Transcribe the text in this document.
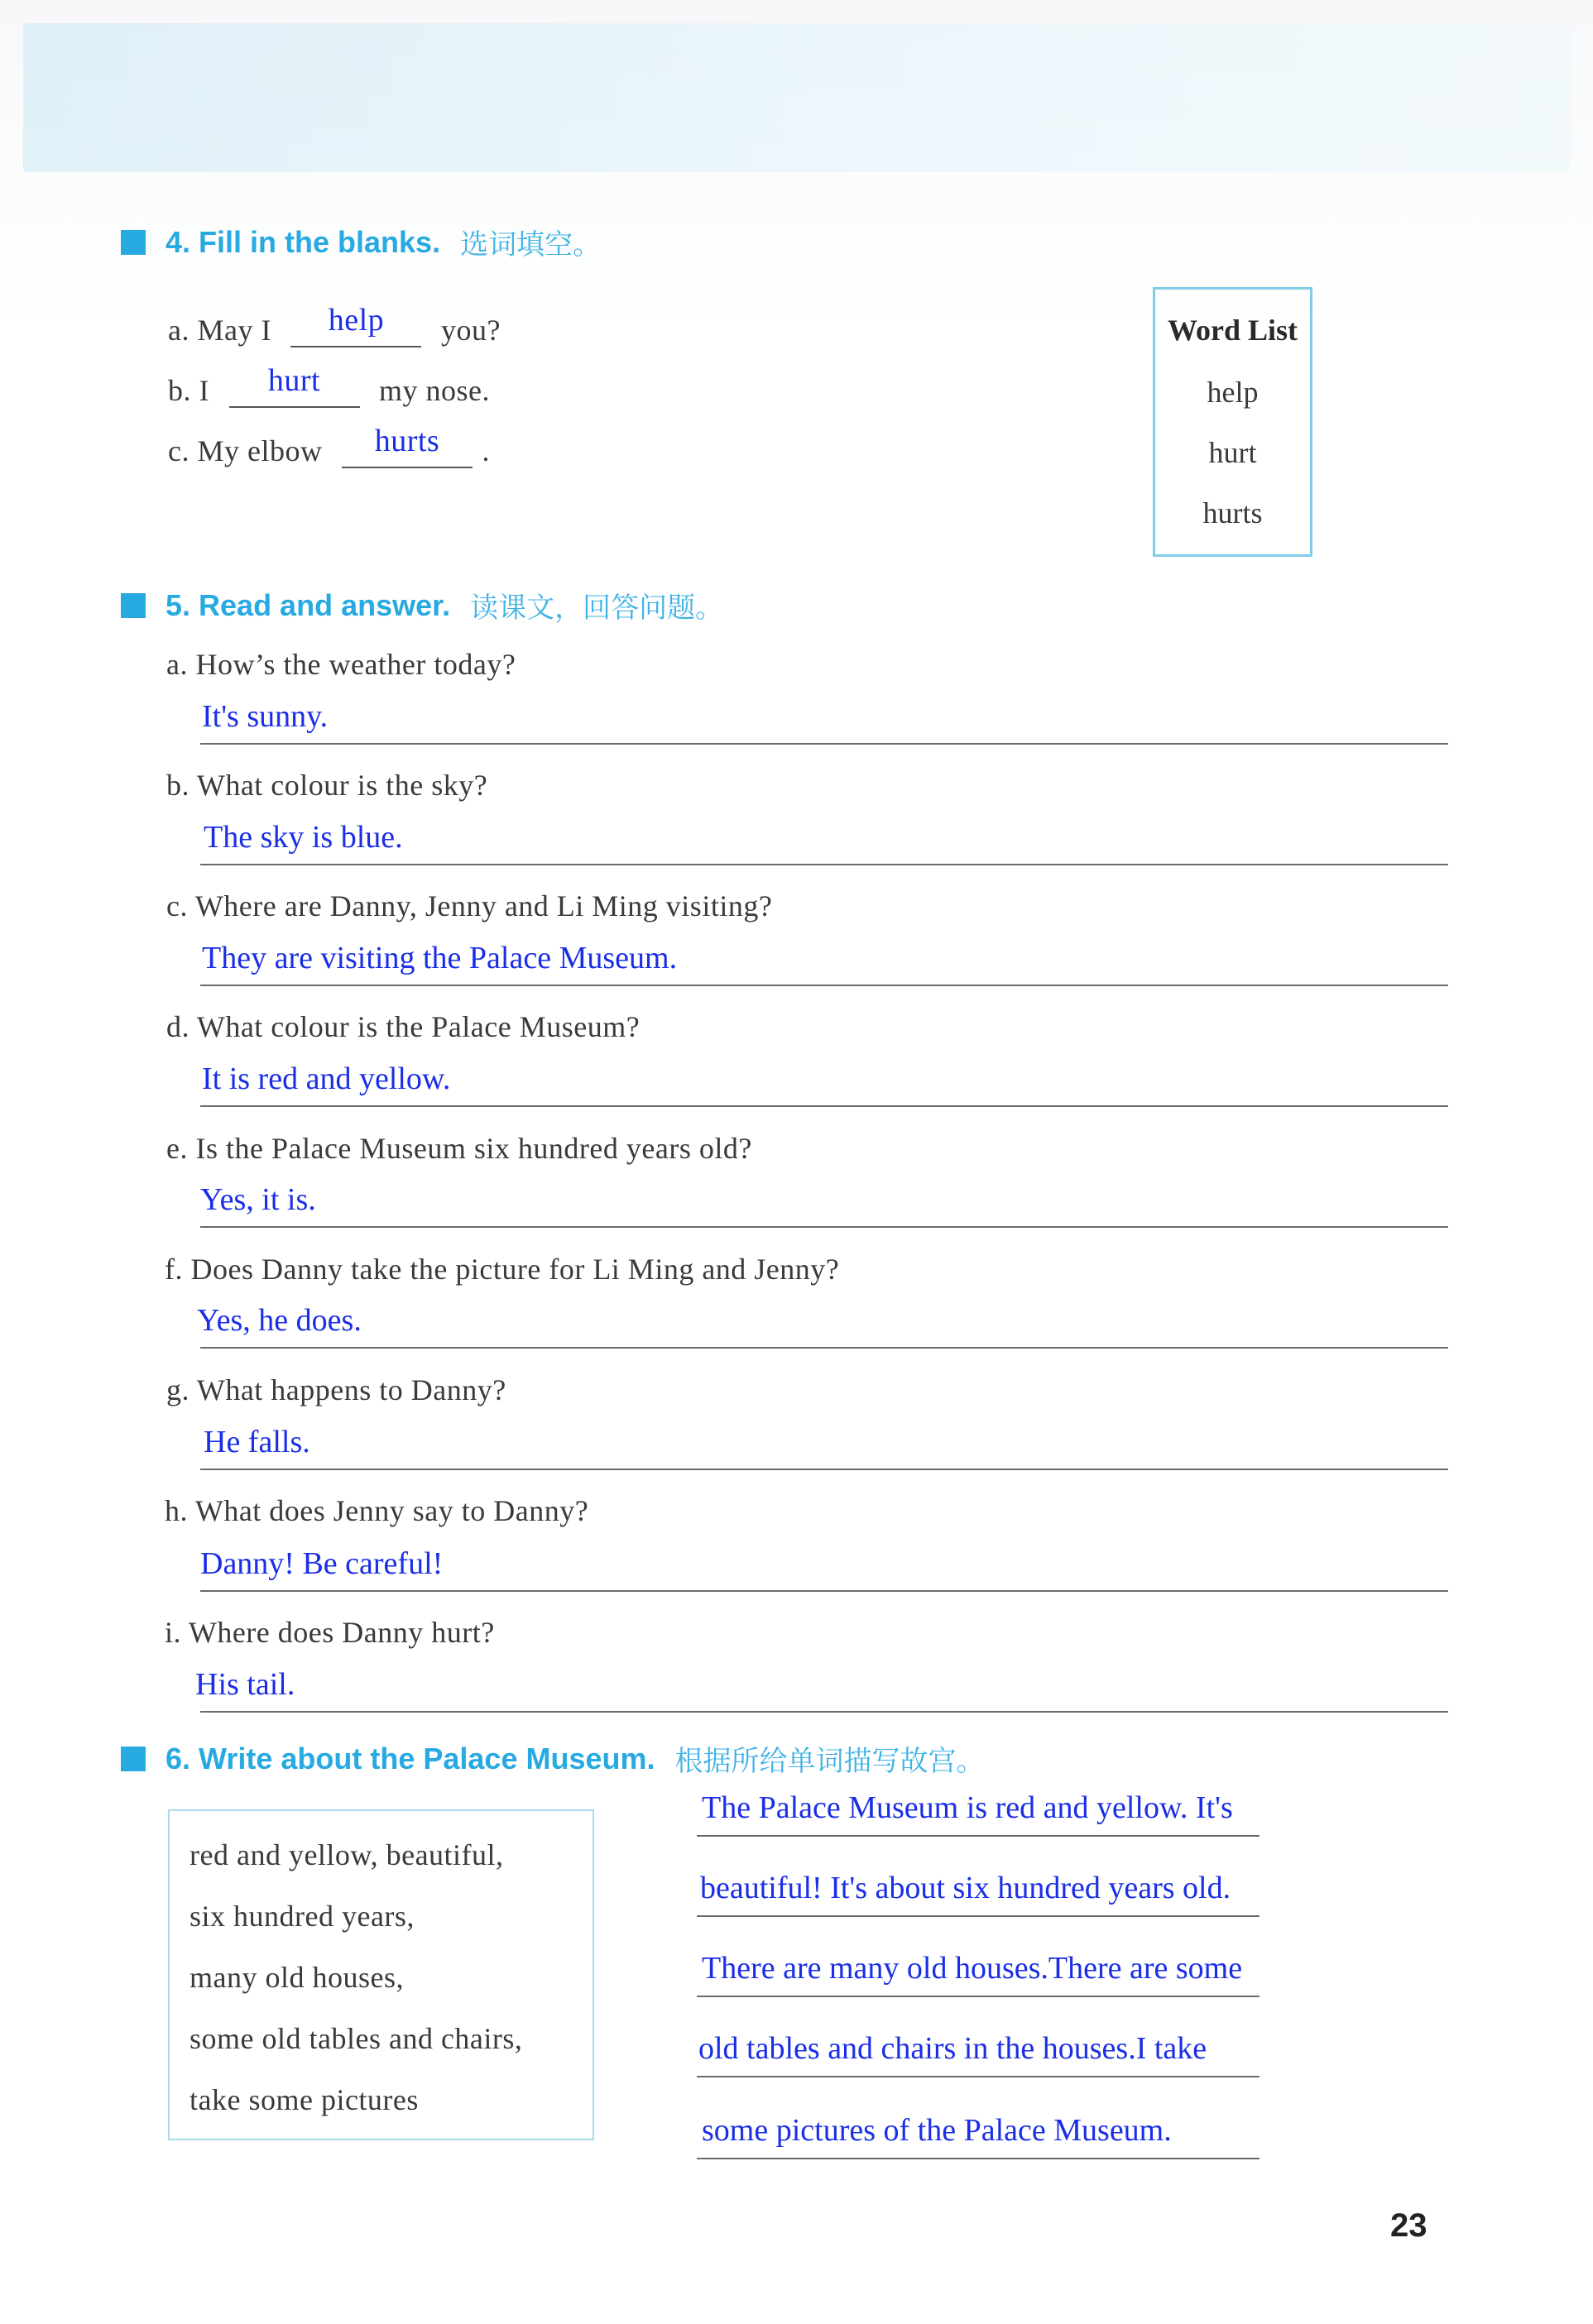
4. Fill in the blanks. 选词填空。
a. May I help you?
b. I hurt my nose.
c. My elbow hurts .
Word List
help
hurt
hurts
5. Read and answer. 读课文，回答问题。
a. How’s the weather today?
It's sunny.
b. What colour is the sky?
The sky is blue.
c. Where are Danny, Jenny and Li Ming visiting?
They are visiting the Palace Museum.
d. What colour is the Palace Museum?
It is red and yellow.
e. Is the Palace Museum six hundred years old?
Yes, it is.
f. Does Danny take the picture for Li Ming and Jenny?
Yes, he does.
g. What happens to Danny?
He falls.
h. What does Jenny say to Danny?
Danny! Be careful!
i. Where does Danny hurt?
His tail.
6. Write about the Palace Museum. 根据所给单词描写故宫。
red and yellow, beautiful,
six hundred years,
many old houses,
some old tables and chairs,
take some pictures
The Palace Museum is red and yellow. It's
beautiful! It's about six hundred years old.
There are many old houses.There are some
old tables and chairs in the houses.I take
some pictures of the Palace Museum.
23
